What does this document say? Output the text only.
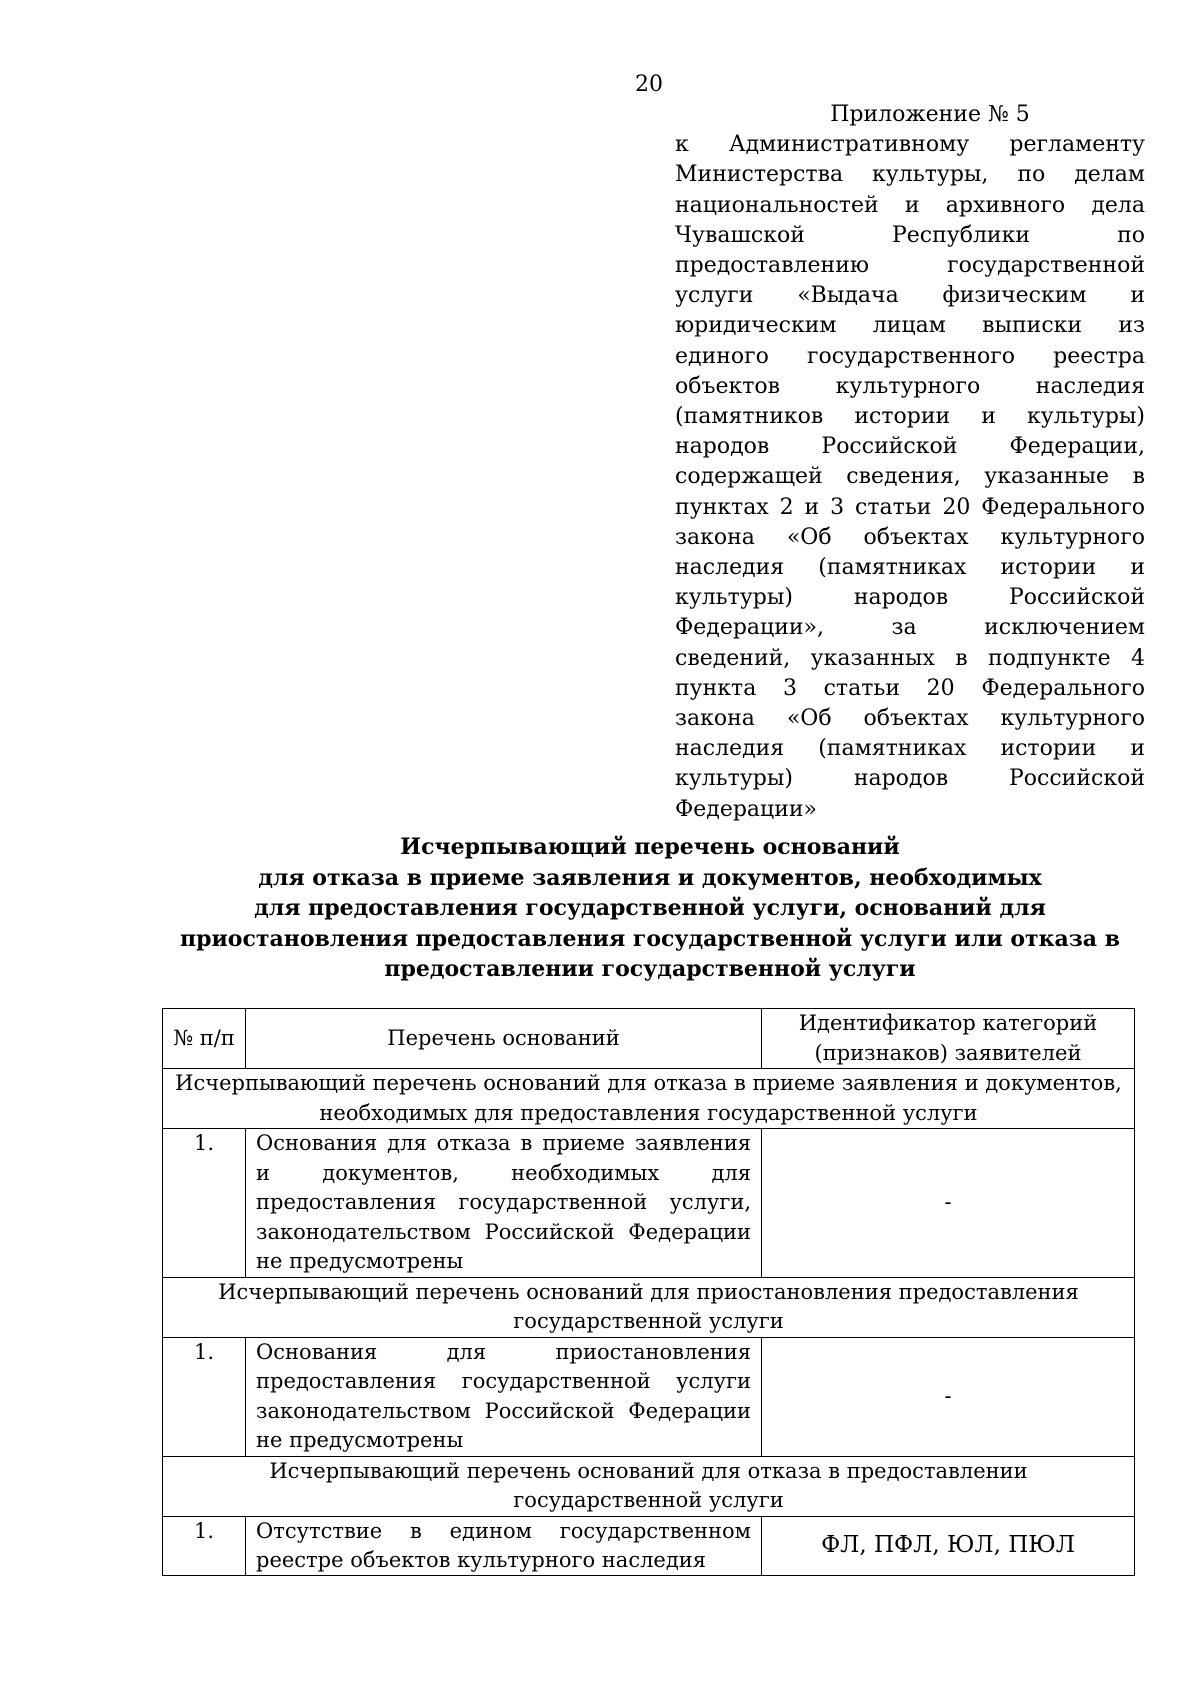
20
Приложение № 5
к Административному регламенту Министерства культуры, по делам национальностей и архивного дела Чувашской Республики по предоставлению государственной услуги «Выдача физическим и юридическим лицам выписки из единого государственного реестра объектов культурного наследия (памятников истории и культуры) народов Российской Федерации, содержащей сведения, указанные в пунктах 2 и 3 статьи 20 Федерального закона «Об объектах культурного наследия (памятниках истории и культуры) народов Российской Федерации», за исключением сведений, указанных в подпункте 4 пункта 3 статьи 20 Федерального закона «Об объектах культурного наследия (памятниках истории и культуры) народов Российской Федерации»
Исчерпывающий перечень оснований
для отказа в приеме заявления и документов, необходимых
для предоставления государственной услуги, оснований для
приостановления предоставления государственной услуги или отказа в
предоставлении государственной услуги
№ п/п	Перечень оснований	Идентификатор категорий (признаков) заявителей
Исчерпывающий перечень оснований для отказа в приеме заявления и документов, необходимых для предоставления государственной услуги		
1.	Основания для отказа в приеме заявления и документов, необходимых для предоставления государственной услуги, законодательством Российской Федерации не предусмотрены	-
Исчерпывающий перечень оснований для приостановления предоставления государственной услуги		
1.	Основания для приостановления предоставления государственной услуги законодательством Российской Федерации не предусмотрены	-
Исчерпывающий перечень оснований для отказа в предоставлении государственной услуги		
1.	Отсутствие в едином государственном реестре объектов культурного наследия	ФЛ, ПФЛ, ЮЛ, ПЮЛ
